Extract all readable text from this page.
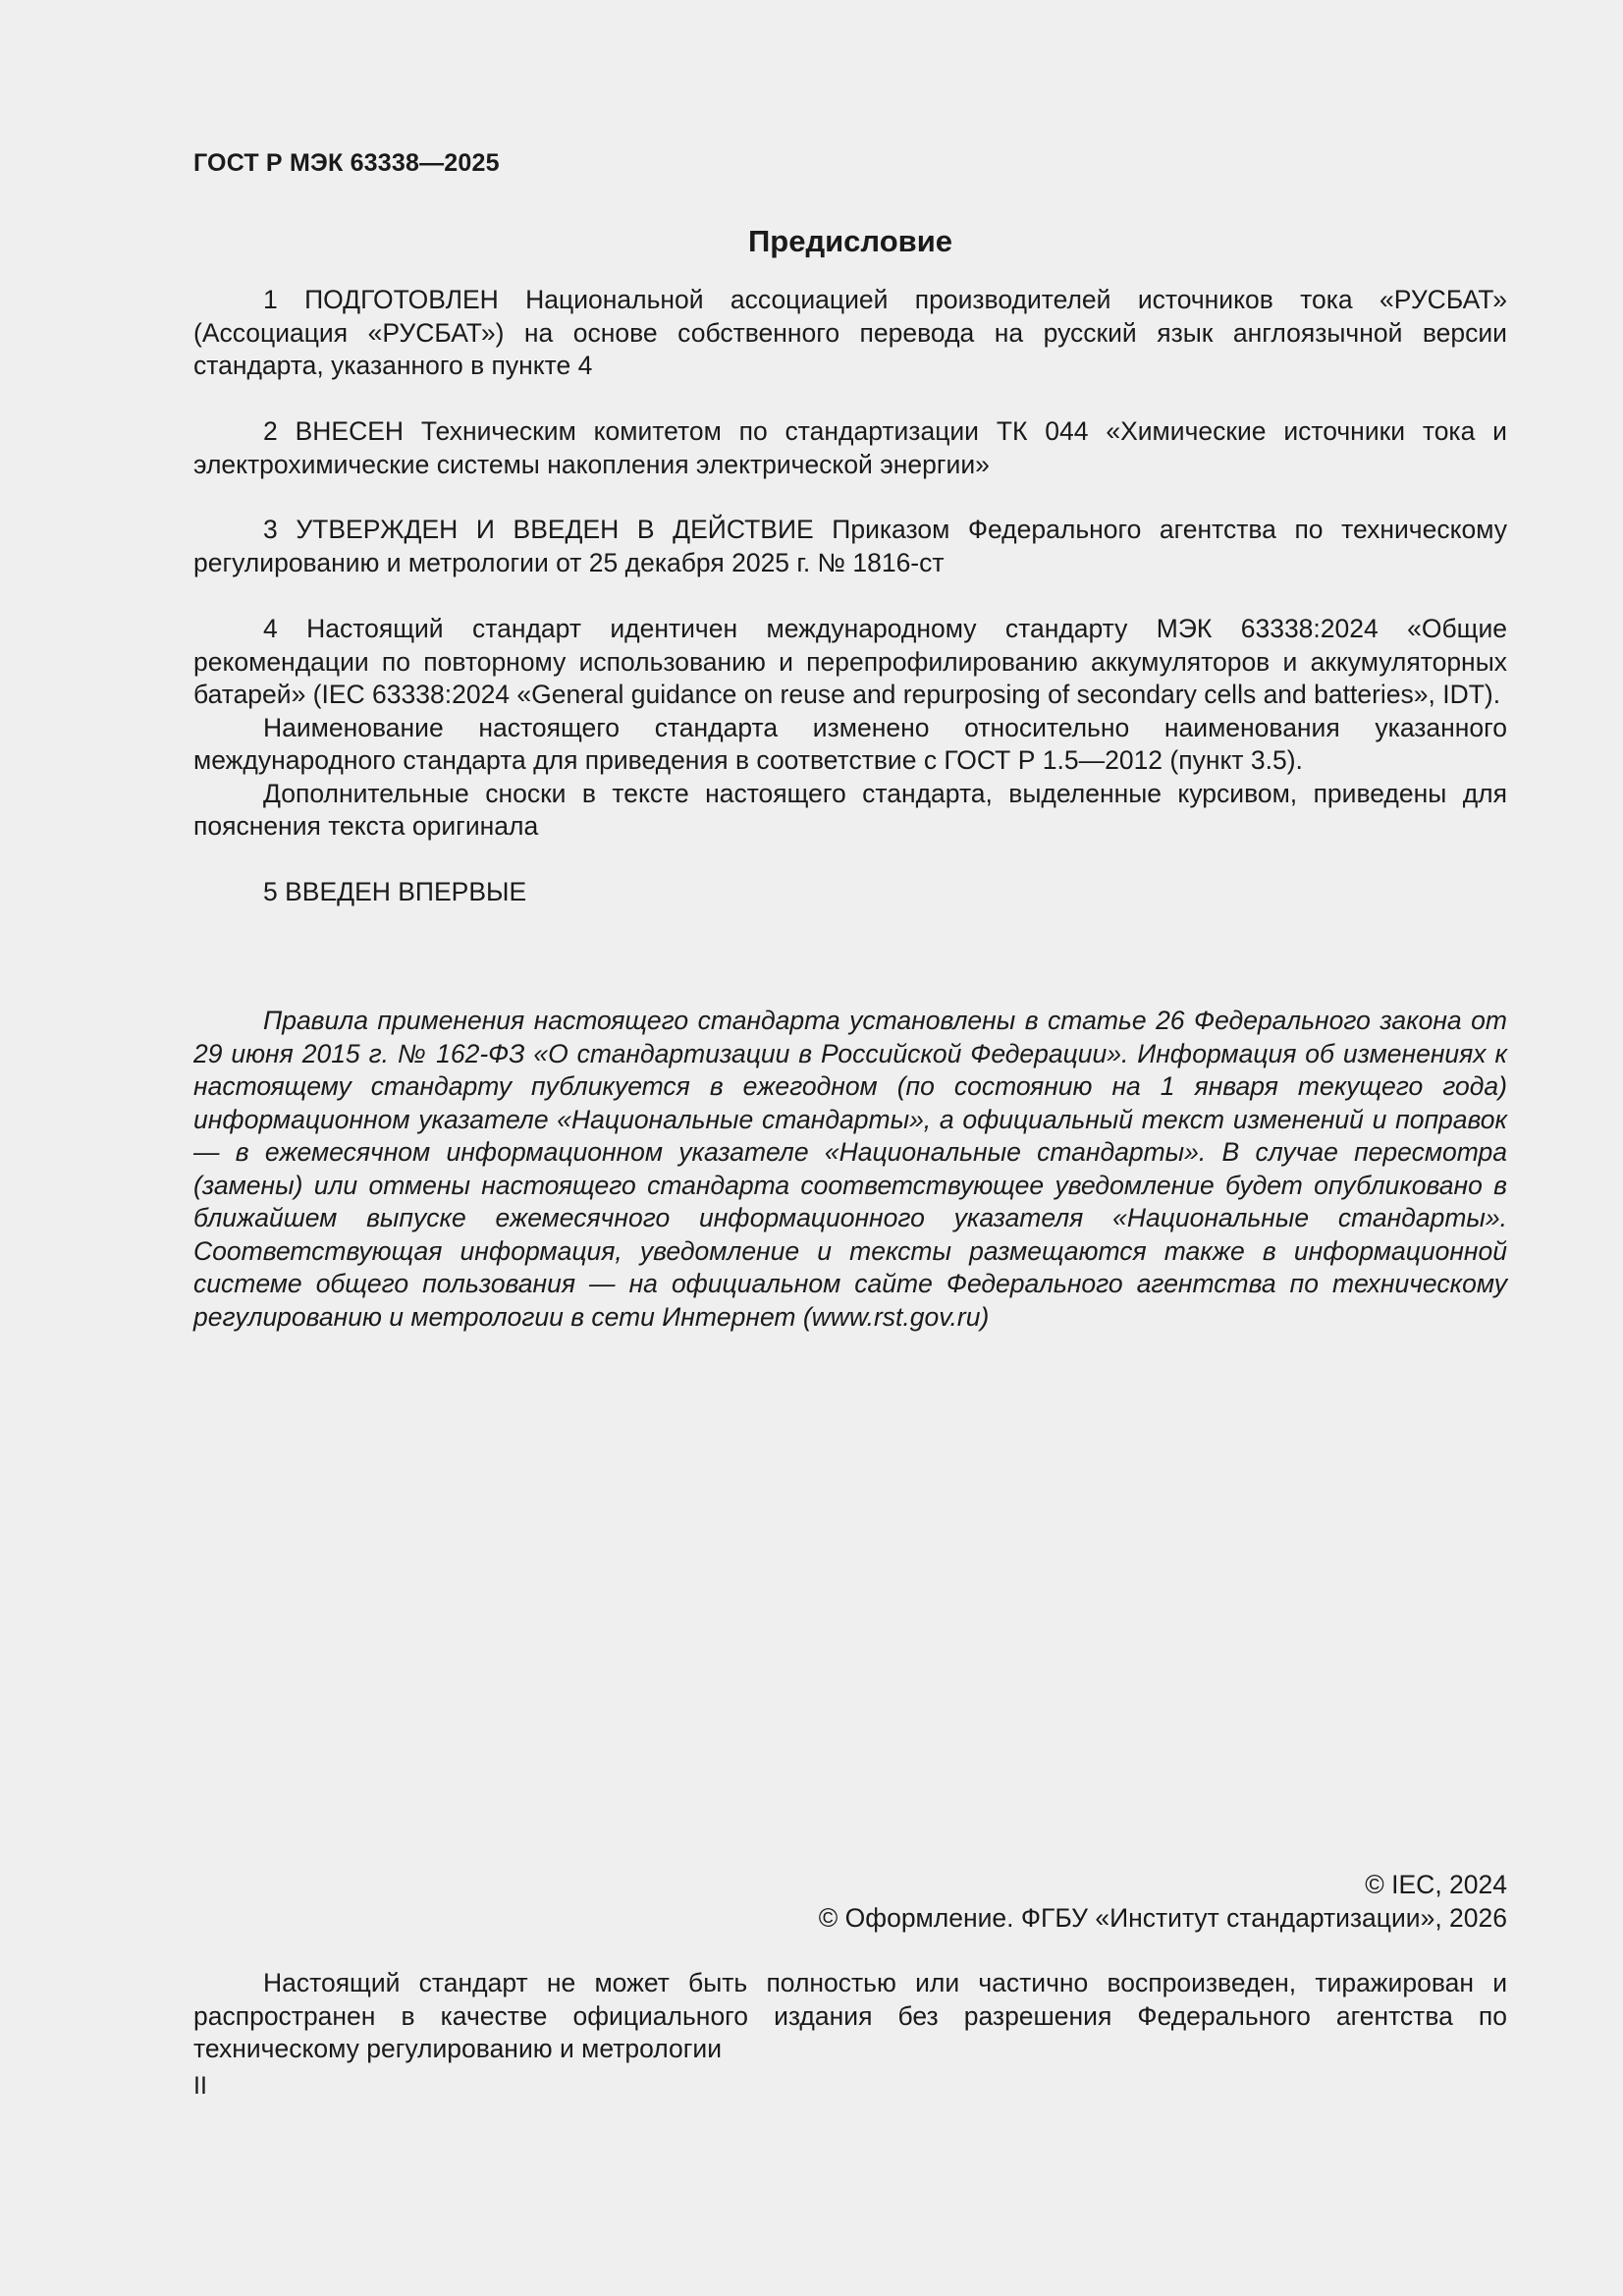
ГОСТ Р МЭК 63338—2025
Предисловие

1 ПОДГОТОВЛЕН Национальной ассоциацией производителей источников тока «РУСБАТ» (Ассоциация «РУСБАТ») на основе собственного перевода на русский язык англоязычной версии стандарта, указанного в пункте 4

2 ВНЕСЕН Техническим комитетом по стандартизации ТК 044 «Химические источники тока и электрохимические системы накопления электрической энергии»

3 УТВЕРЖДЕН И ВВЕДЕН В ДЕЙСТВИЕ Приказом Федерального агентства по техническому регулированию и метрологии от 25 декабря 2025 г. № 1816-ст

4 Настоящий стандарт идентичен международному стандарту МЭК 63338:2024 «Общие рекомендации по повторному использованию и перепрофилированию аккумуляторов и аккумуляторных батарей» (IEC 63338:2024 «General guidance on reuse and repurposing of secondary cells and batteries», IDT).

Наименование настоящего стандарта изменено относительно наименования указанного международного стандарта для приведения в соответствие с ГОСТ Р 1.5—2012 (пункт 3.5).

Дополнительные сноски в тексте настоящего стандарта, выделенные курсивом, приведены для пояснения текста оригинала

5 ВВЕДЕН ВПЕРВЫЕ

Правила применения настоящего стандарта установлены в статье 26 Федерального закона от 29 июня 2015 г. № 162-ФЗ «О стандартизации в Российской Федерации». Информация об изменениях к настоящему стандарту публикуется в ежегодном (по состоянию на 1 января текущего года) информационном указателе «Национальные стандарты», а официальный текст изменений и поправок — в ежемесячном информационном указателе «Национальные стандарты». В случае пересмотра (замены) или отмены настоящего стандарта соответствующее уведомление будет опубликовано в ближайшем выпуске ежемесячного информационного указателя «Национальные стандарты». Соответствующая информация, уведомление и тексты размещаются также в информационной системе общего пользования — на официальном сайте Федерального агентства по техническому регулированию и метрологии в сети Интернет (www.rst.gov.ru)

© IEC, 2024
© Оформление. ФГБУ «Институт стандартизации», 2026

Настоящий стандарт не может быть полностью или частично воспроизведен, тиражирован и распространен в качестве официального издания без разрешения Федерального агентства по техническому регулированию и метрологии

II
